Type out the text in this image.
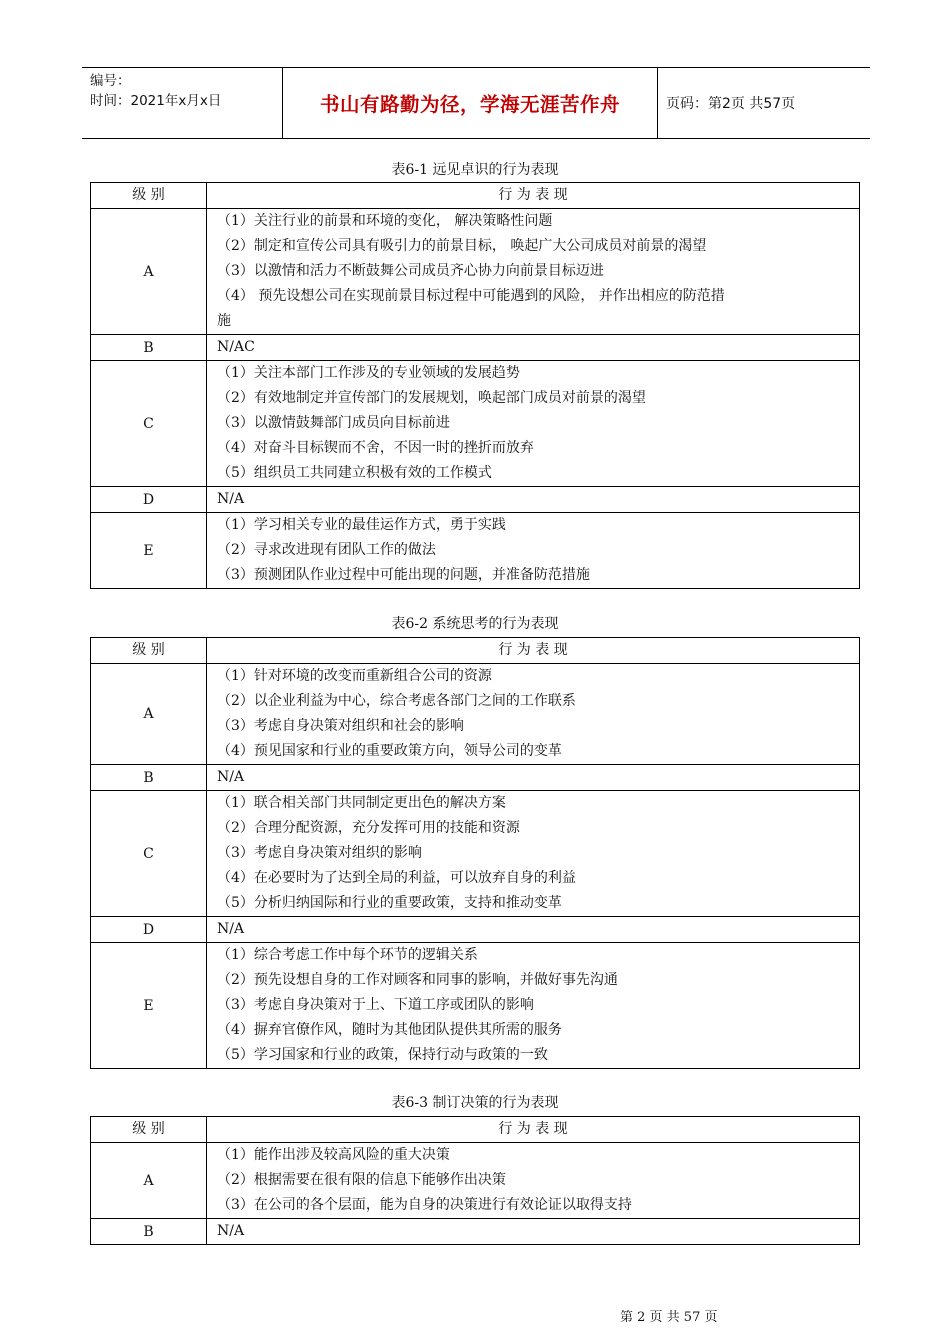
编号：
时间：2021年x月x日	书山有路勤为径，学海无涯苦作舟	页码：第2页 共57页
表6-1 远见卓识的行为表现
级 别	行 为 表 现
A	（1）关注行业的前景和环境的变化， 解决策略性问题
（2）制定和宣传公司具有吸引力的前景目标， 唤起广大公司成员对前景的渴望
（3）以激情和活力不断鼓舞公司成员齐心协力向前景目标迈进
（4） 预先设想公司在实现前景目标过程中可能遇到的风险， 并作出相应的防范措
施

B	N/AC

C	（1）关注本部门工作涉及的专业领域的发展趋势
（2）有效地制定并宣传部门的发展规划，唤起部门成员对前景的渴望
（3）以激情鼓舞部门成员向目标前进
（4）对奋斗目标锲而不舍，不因一时的挫折而放弃
（5）组织员工共同建立积极有效的工作模式

D	N/A

E	（1）学习相关专业的最佳运作方式，勇于实践
（2）寻求改进现有团队工作的做法
（3）预测团队作业过程中可能出现的问题，并准备防范措施
表6-2 系统思考的行为表现
级 别	行 为 表 现
A	（1）针对环境的改变而重新组合公司的资源
（2）以企业利益为中心，综合考虑各部门之间的工作联系
（3）考虑自身决策对组织和社会的影响
（4）预见国家和行业的重要政策方向，领导公司的变革

B	N/A

C	（1）联合相关部门共同制定更出色的解决方案
（2）合理分配资源，充分发挥可用的技能和资源
（3）考虑自身决策对组织的影响
（4）在必要时为了达到全局的利益，可以放弃自身的利益
（5）分析归纳国际和行业的重要政策，支持和推动变革

D	N/A

E	（1）综合考虑工作中每个环节的逻辑关系
（2）预先设想自身的工作对顾客和同事的影响，并做好事先沟通
（3）考虑自身决策对于上、下道工序或团队的影响
（4）摒弃官僚作风，随时为其他团队提供其所需的服务
（5）学习国家和行业的政策，保持行动与政策的一致
表6-3 制订决策的行为表现
级 别	行 为 表 现
A	（1）能作出涉及较高风险的重大决策
（2）根据需要在很有限的信息下能够作出决策
（3）在公司的各个层面，能为自身的决策进行有效论证以取得支持

B	N/A
第 2 页 共 57 页
